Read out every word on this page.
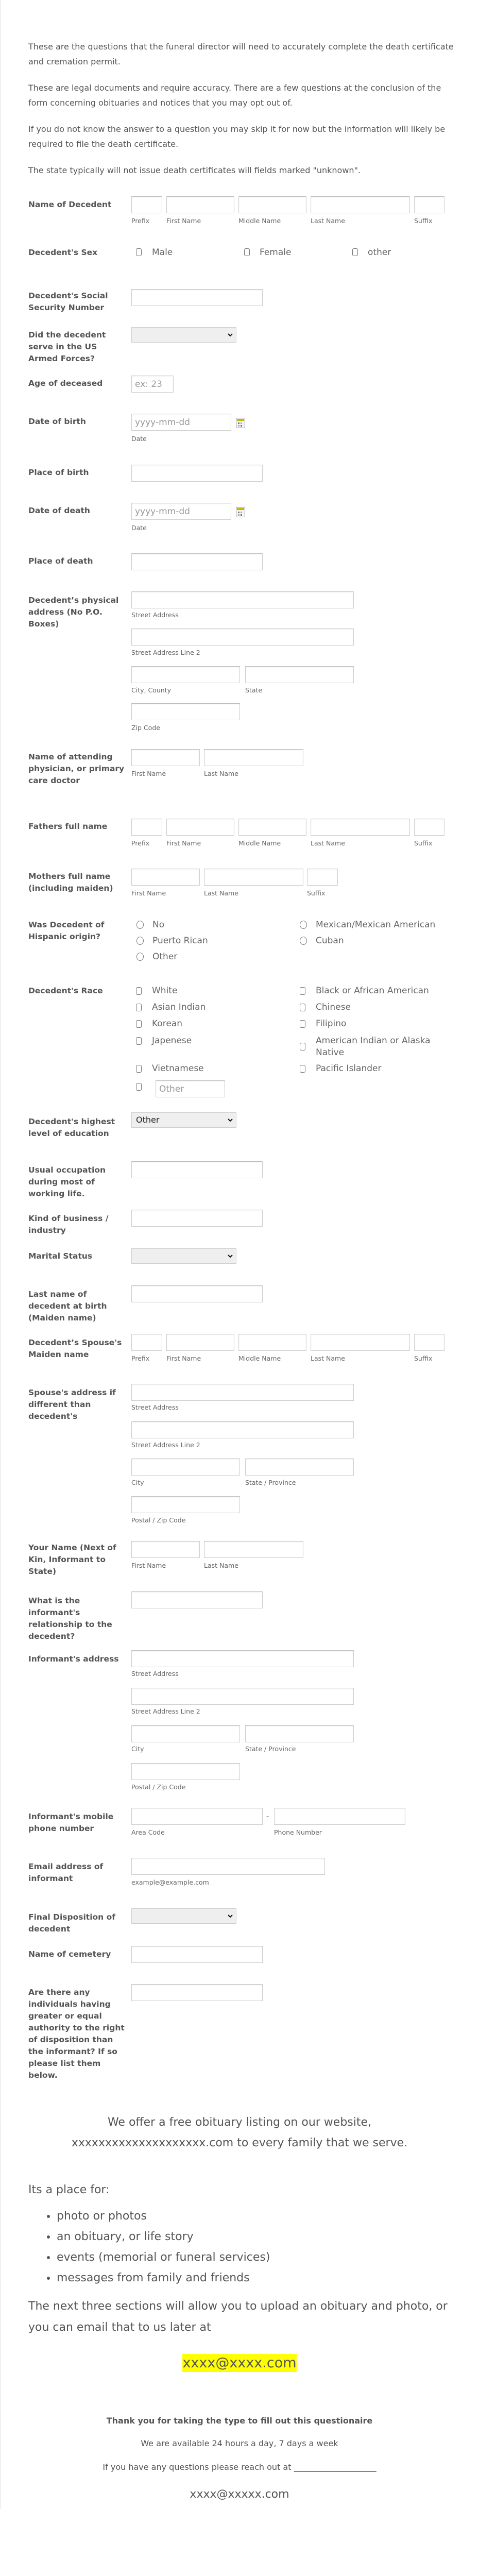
These are the questions that the funeral director will need to accurately complete the death certificate and cremation permit.

These are legal documents and require accuracy. There are a few questions at the conclusion of the form concerning obituaries and notices that you may opt out of.

If you do not know the answer to a question you may skip it for now but the information will likely be required to file the death certificate.

The state typically will not issue death certificates will fields marked "unknown".

Name of Decedent
Prefix	First Name	Middle Name	Last Name	Suffix
Decedent's Sex	Male	Female	other
Decedent's Social Security Number
Did the decedent serve in the US Armed Forces?
Age of deceased
ex: 23
Date of birth
yyyy-mm-dd
Date
Place of birth
Date of death
yyyy-mm-dd
Date
Place of death
Decedent’s physical address (No P.O. Boxes)
Street Address
Street Address Line 2
City, County	State
Zip Code
Name of attending physician, or primary care doctor
First Name	Last Name
Fathers full name
Prefix	First Name	Middle Name	Last Name	Suffix
Mothers full name (including maiden)
First Name	Last Name	Suffix
Was Decedent of Hispanic origin?
No	Mexican/Mexican American
Puerto Rican	Cuban
Other
Decedent's Race	White	Black or African American
Asian Indian	Chinese
Korean	Filipino
Japenese	American Indian or Alaska Native
Vietnamese	Pacific Islander
Other
Decedent's highest level of education
Other
Usual occupation during most of working life.
Kind of business / industry
Marital Status
Last name of decedent at birth (Maiden name)
Decedent’s Spouse's Maiden name	Prefix	First Name	Middle Name	Last Name	Suffix
Spouse's address if different than decedent's
Street Address
Street Address Line 2
City	State / Province
Postal / Zip Code
Your Name (Next of Kin, Informant to State)
First Name	Last Name
What is the informant's relationship to the decedent?
Informant's address
Street Address
Street Address Line 2
City	State / Province
Postal / Zip Code
Informant's mobile phone number
-
Area Code	Phone Number
Email address of informant	example@example.com
Final Disposition of decedent
Name of cemetery
Are there any individuals having greater or equal authority to the right of disposition than the informant? If so please list them below.
We offer a free obituary listing on our website, xxxxxxxxxxxxxxxxxxxx.com to every family that we serve.
Its a place for:
• photo or photos
• an obituary, or life story
• events (memorial or funeral services)
• messages from family and friends
The next three sections will allow you to upload an obituary and photo, or you can email that to us later at
xxxx@xxxx.com
Thank you for taking the type to fill out this questionaire
We are available 24 hours a day, 7 days a week
If you have any questions please reach out at ____________________
xxxx@xxxxx.com
